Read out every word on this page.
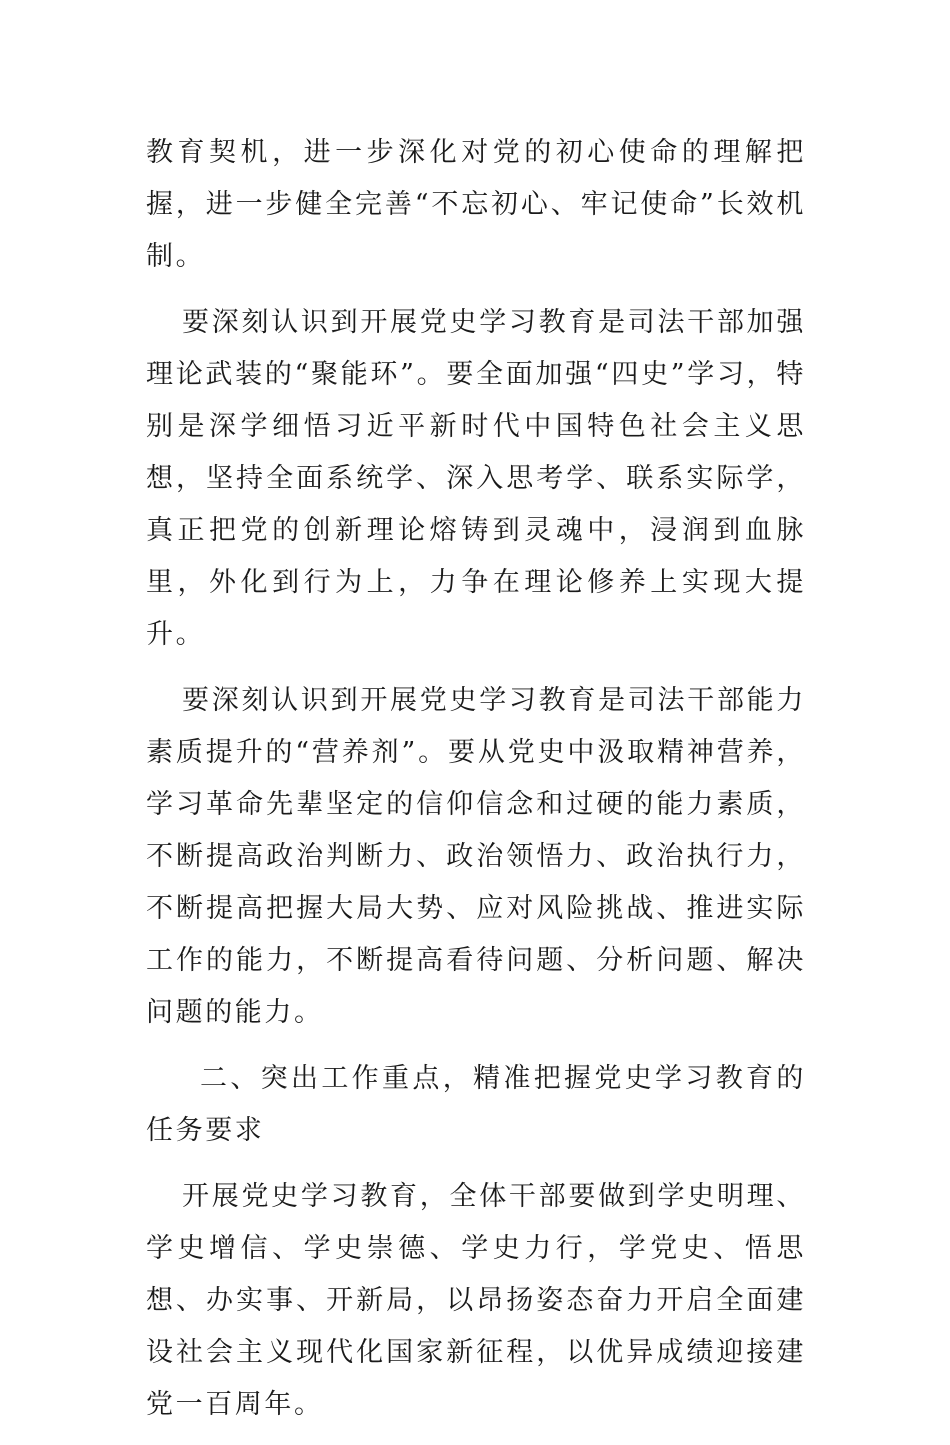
教育契机，进一步深化对党的初心使命的理解把握，进一步健全完善“不忘初心、牢记使命”长效机制。

要深刻认识到开展党史学习教育是司法干部加强理论武装的“聚能环”。要全面加强“四史”学习，特别是深学细悟习近平新时代中国特色社会主义思想，坚持全面系统学、深入思考学、联系实际学，真正把党的创新理论熔铸到灵魂中，浸润到血脉里，外化到行为上，力争在理论修养上实现大提升。

要深刻认识到开展党史学习教育是司法干部能力素质提升的“营养剂”。要从党史中汲取精神营养，学习革命先辈坚定的信仰信念和过硬的能力素质，不断提高政治判断力、政治领悟力、政治执行力，不断提高把握大局大势、应对风险挑战、推进实际工作的能力，不断提高看待问题、分析问题、解决问题的能力。

二、突出工作重点，精准把握党史学习教育的任务要求

开展党史学习教育，全体干部要做到学史明理、学史增信、学史崇德、学史力行，学党史、悟思想、办实事、开新局，以昂扬姿态奋力开启全面建设社会主义现代化国家新征程，以优异成绩迎接建党一百周年。
